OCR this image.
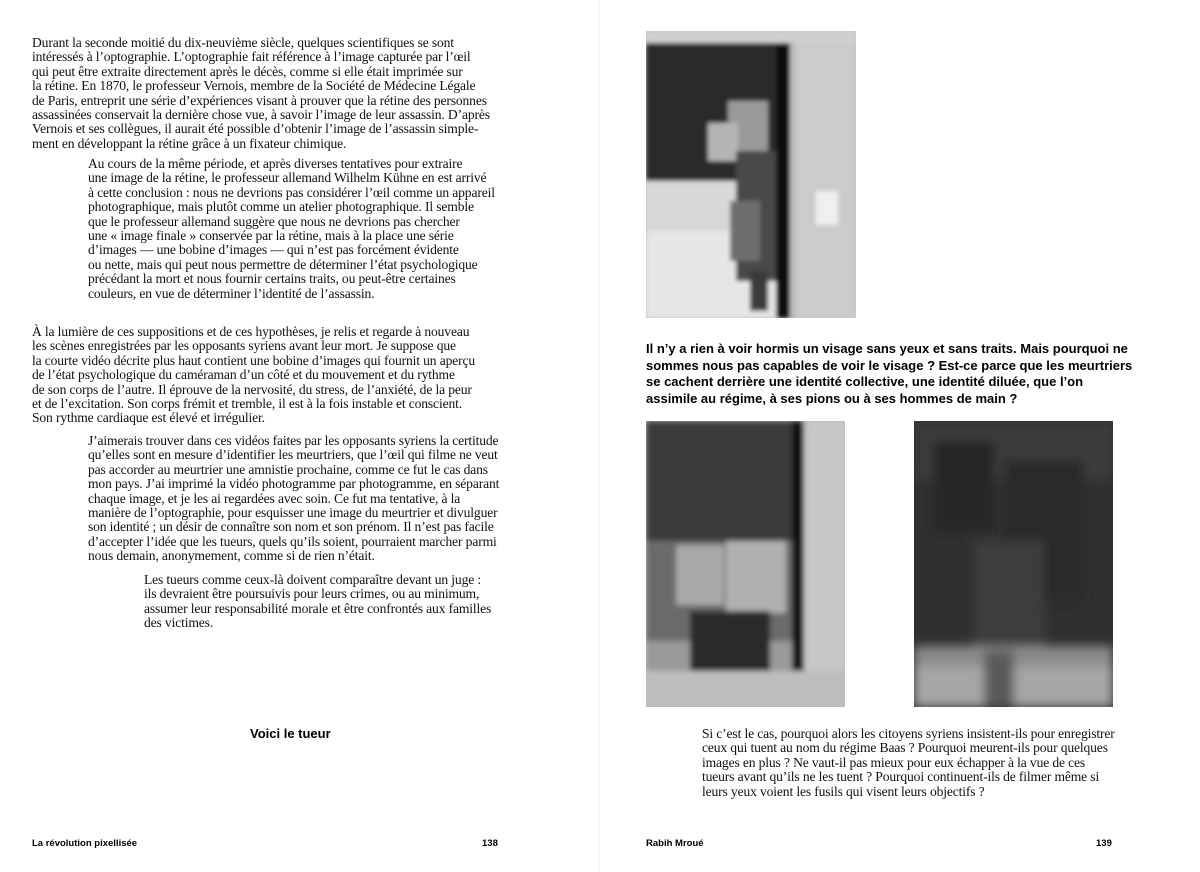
Durant la seconde moitié du dix-neuvième siècle, quelques scientifiques se sont
intéressés à l’optographie. L’optographie fait référence à l’image capturée par l’œil
qui peut être extraite directement après le décès, comme si elle était imprimée sur
la rétine. En 1870, le professeur Vernois, membre de la Société de Médecine Légale
de Paris, entreprit une série d’expériences visant à prouver que la rétine des personnes
assassinées conservait la dernière chose vue, à savoir l’image de leur assassin. D’après
Vernois et ses collègues, il aurait été possible d’obtenir l’image de l’assassin simple-
ment en développant la rétine grâce à un fixateur chimique.
Au cours de la même période, et après diverses tentatives pour extraire
une image de la rétine, le professeur allemand Wilhelm Kühne en est arrivé
à cette conclusion : nous ne devrions pas considérer l’œil comme un appareil
photographique, mais plutôt comme un atelier photographique. Il semble
que le professeur allemand suggère que nous ne devrions pas chercher
une « image finale » conservée par la rétine, mais à la place une série
d’images — une bobine d’images — qui n’est pas forcément évidente
ou nette, mais qui peut nous permettre de déterminer l’état psychologique
précédant la mort et nous fournir certains traits, ou peut-être certaines
couleurs, en vue de déterminer l’identité de l’assassin.
À la lumière de ces suppositions et de ces hypothèses, je relis et regarde à nouveau
les scènes enregistrées par les opposants syriens avant leur mort. Je suppose que
la courte vidéo décrite plus haut contient une bobine d’images qui fournit un aperçu
de l’état psychologique du caméraman d’un côté et du mouvement et du rythme
de son corps de l’autre. Il éprouve de la nervosité, du stress, de l’anxiété, de la peur
et de l’excitation. Son corps frémit et tremble, il est à la fois instable et conscient.
Son rythme cardiaque est élevé et irrégulier.
J’aimerais trouver dans ces vidéos faites par les opposants syriens la certitude
qu’elles sont en mesure d’identifier les meurtriers, que l’œil qui filme ne veut
pas accorder au meurtrier une amnistie prochaine, comme ce fut le cas dans
mon pays. J’ai imprimé la vidéo photogramme par photogramme, en séparant
chaque image, et je les ai regardées avec soin. Ce fut ma tentative, à la
manière de l’optographie, pour esquisser une image du meurtrier et divulguer
son identité ; un désir de connaître son nom et son prénom. Il n’est pas facile
d’accepter l’idée que les tueurs, quels qu’ils soient, pourraient marcher parmi
nous demain, anonymement, comme si de rien n’était.
Les tueurs comme ceux-là doivent comparaître devant un juge :
ils devraient être poursuivis pour leurs crimes, ou au minimum,
assumer leur responsabilité morale et être confrontés aux familles
des victimes.
Voici le tueur
La révolution pixellisée	138
Il n’y a rien à voir hormis un visage sans yeux et sans traits. Mais pourquoi ne
sommes nous pas capables de voir le visage ? Est-ce parce que les meurtriers
se cachent derrière une identité collective, une identité diluée, que l’on
assimile au régime, à ses pions ou à ses hommes de main ?
Si c’est le cas, pourquoi alors les citoyens syriens insistent-ils pour enregistrer
ceux qui tuent au nom du régime Baas ? Pourquoi meurent-ils pour quelques
images en plus ? Ne vaut-il pas mieux pour eux échapper à la vue de ces
tueurs avant qu’ils ne les tuent ? Pourquoi continuent-ils de filmer même si
leurs yeux voient les fusils qui visent leurs objectifs ?
Rabih Mroué	139
